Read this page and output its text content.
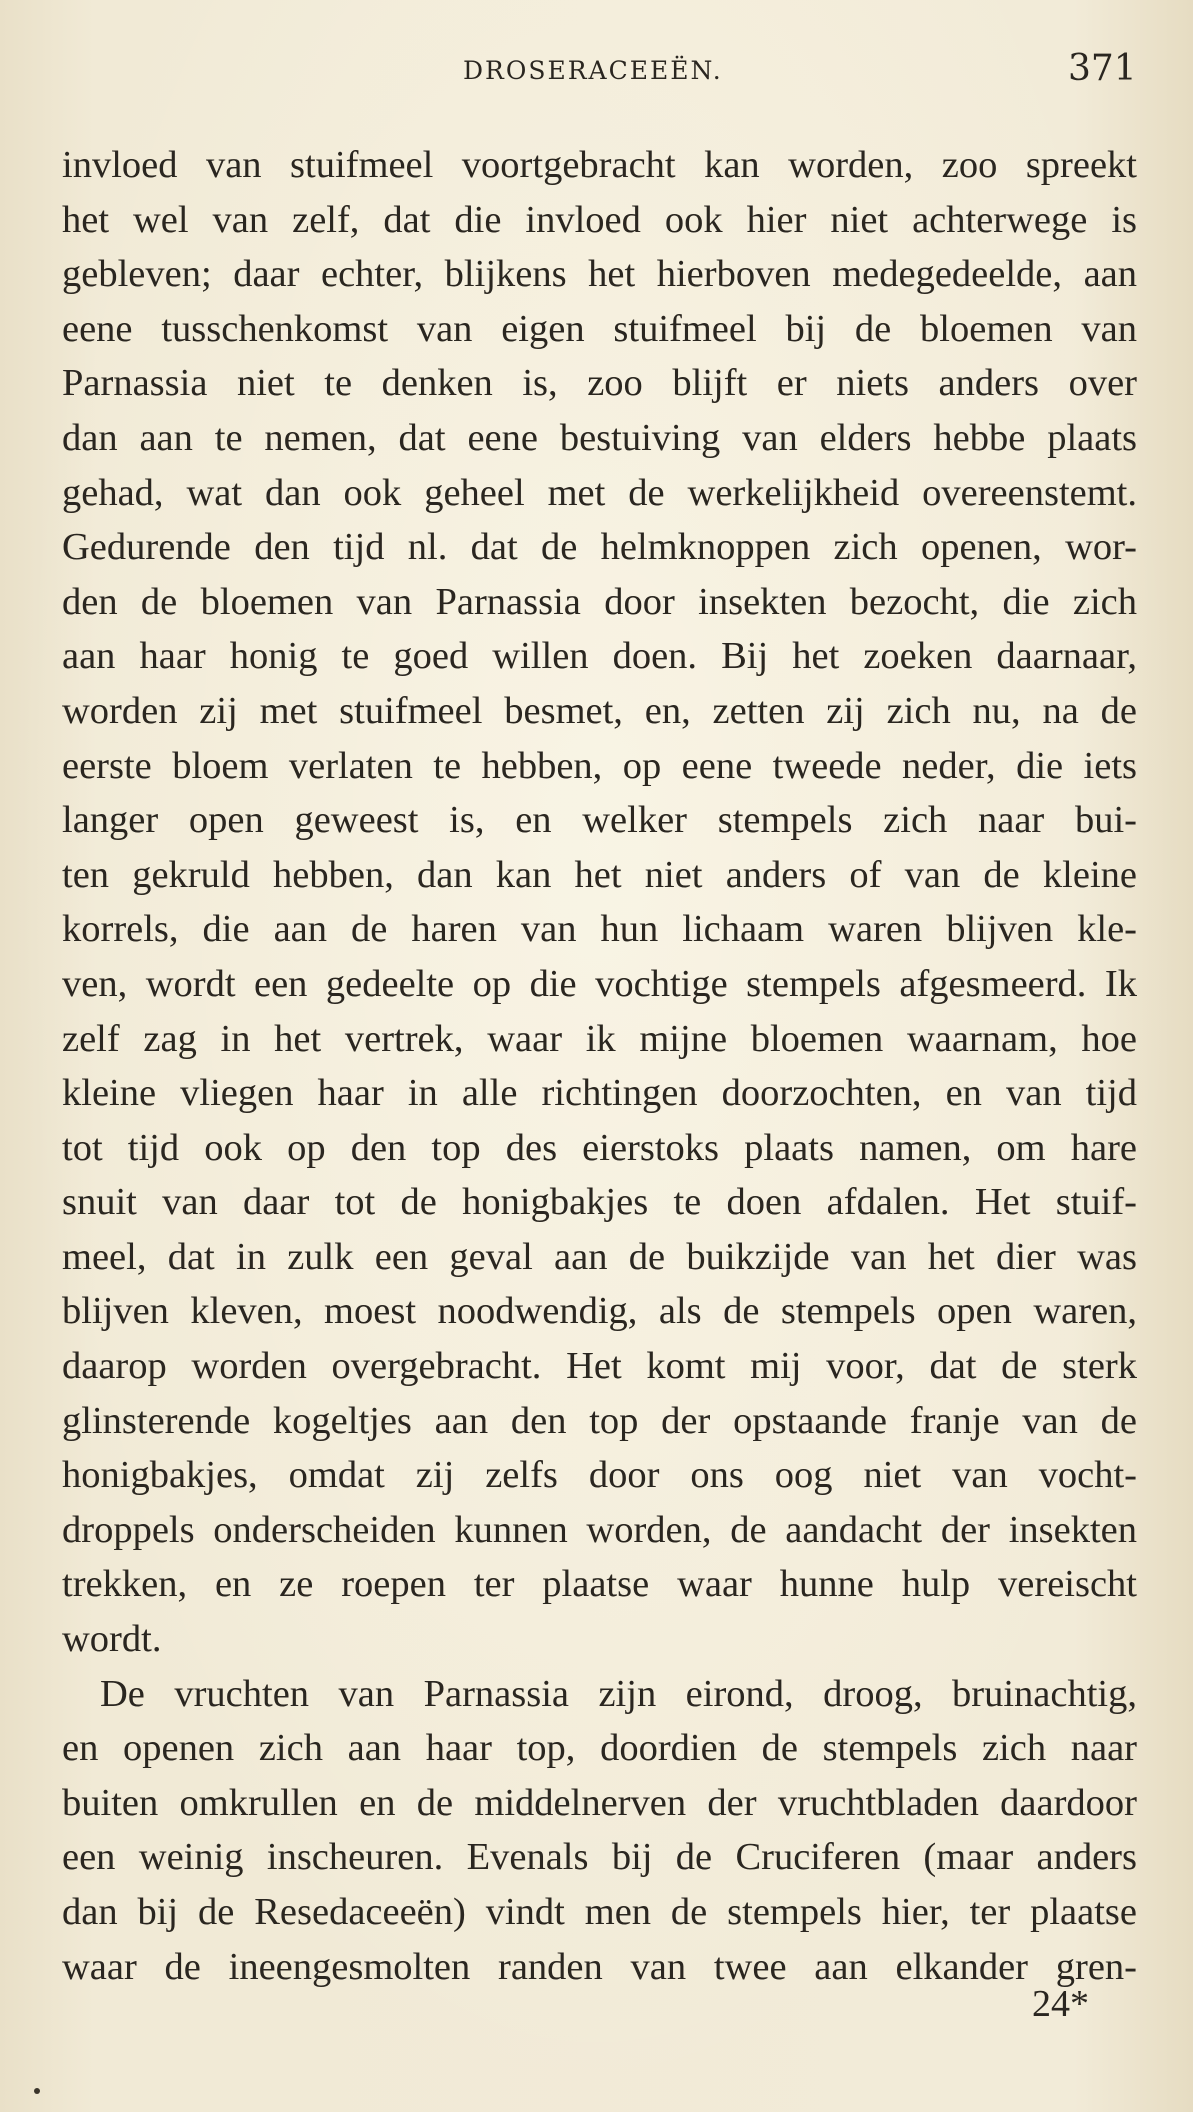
DROSERACEEËN.	371
invloed van stuifmeel voortgebracht kan worden, zoo spreekt
het wel van zelf, dat die invloed ook hier niet achterwege is
gebleven; daar echter, blijkens het hierboven medegedeelde, aan
eene tusschenkomst van eigen stuifmeel bij de bloemen van
Parnassia niet te denken is, zoo blijft er niets anders over
dan aan te nemen, dat eene bestuiving van elders hebbe plaats
gehad, wat dan ook geheel met de werkelijkheid overeenstemt.
Gedurende den tijd nl. dat de helmknoppen zich openen, wor-
den de bloemen van Parnassia door insekten bezocht, die zich
aan haar honig te goed willen doen. Bij het zoeken daarnaar,
worden zij met stuifmeel besmet, en, zetten zij zich nu, na de
eerste bloem verlaten te hebben, op eene tweede neder, die iets
langer open geweest is, en welker stempels zich naar bui-
ten gekruld hebben, dan kan het niet anders of van de kleine
korrels, die aan de haren van hun lichaam waren blijven kle-
ven, wordt een gedeelte op die vochtige stempels afgesmeerd. Ik
zelf zag in het vertrek, waar ik mijne bloemen waarnam, hoe
kleine vliegen haar in alle richtingen doorzochten, en van tijd
tot tijd ook op den top des eierstoks plaats namen, om hare
snuit van daar tot de honigbakjes te doen afdalen. Het stuif-
meel, dat in zulk een geval aan de buikzijde van het dier was
blijven kleven, moest noodwendig, als de stempels open waren,
daarop worden overgebracht. Het komt mij voor, dat de sterk
glinsterende kogeltjes aan den top der opstaande franje van de
honigbakjes, omdat zij zelfs door ons oog niet van vocht-
droppels onderscheiden kunnen worden, de aandacht der insekten
trekken, en ze roepen ter plaatse waar hunne hulp vereischt
wordt.
De vruchten van Parnassia zijn eirond, droog, bruinachtig,
en openen zich aan haar top, doordien de stempels zich naar
buiten omkrullen en de middelnerven der vruchtbladen daardoor
een weinig inscheuren. Evenals bij de Cruciferen (maar anders
dan bij de Resedaceeën) vindt men de stempels hier, ter plaatse
waar de ineengesmolten randen van twee aan elkander gren-
24*
